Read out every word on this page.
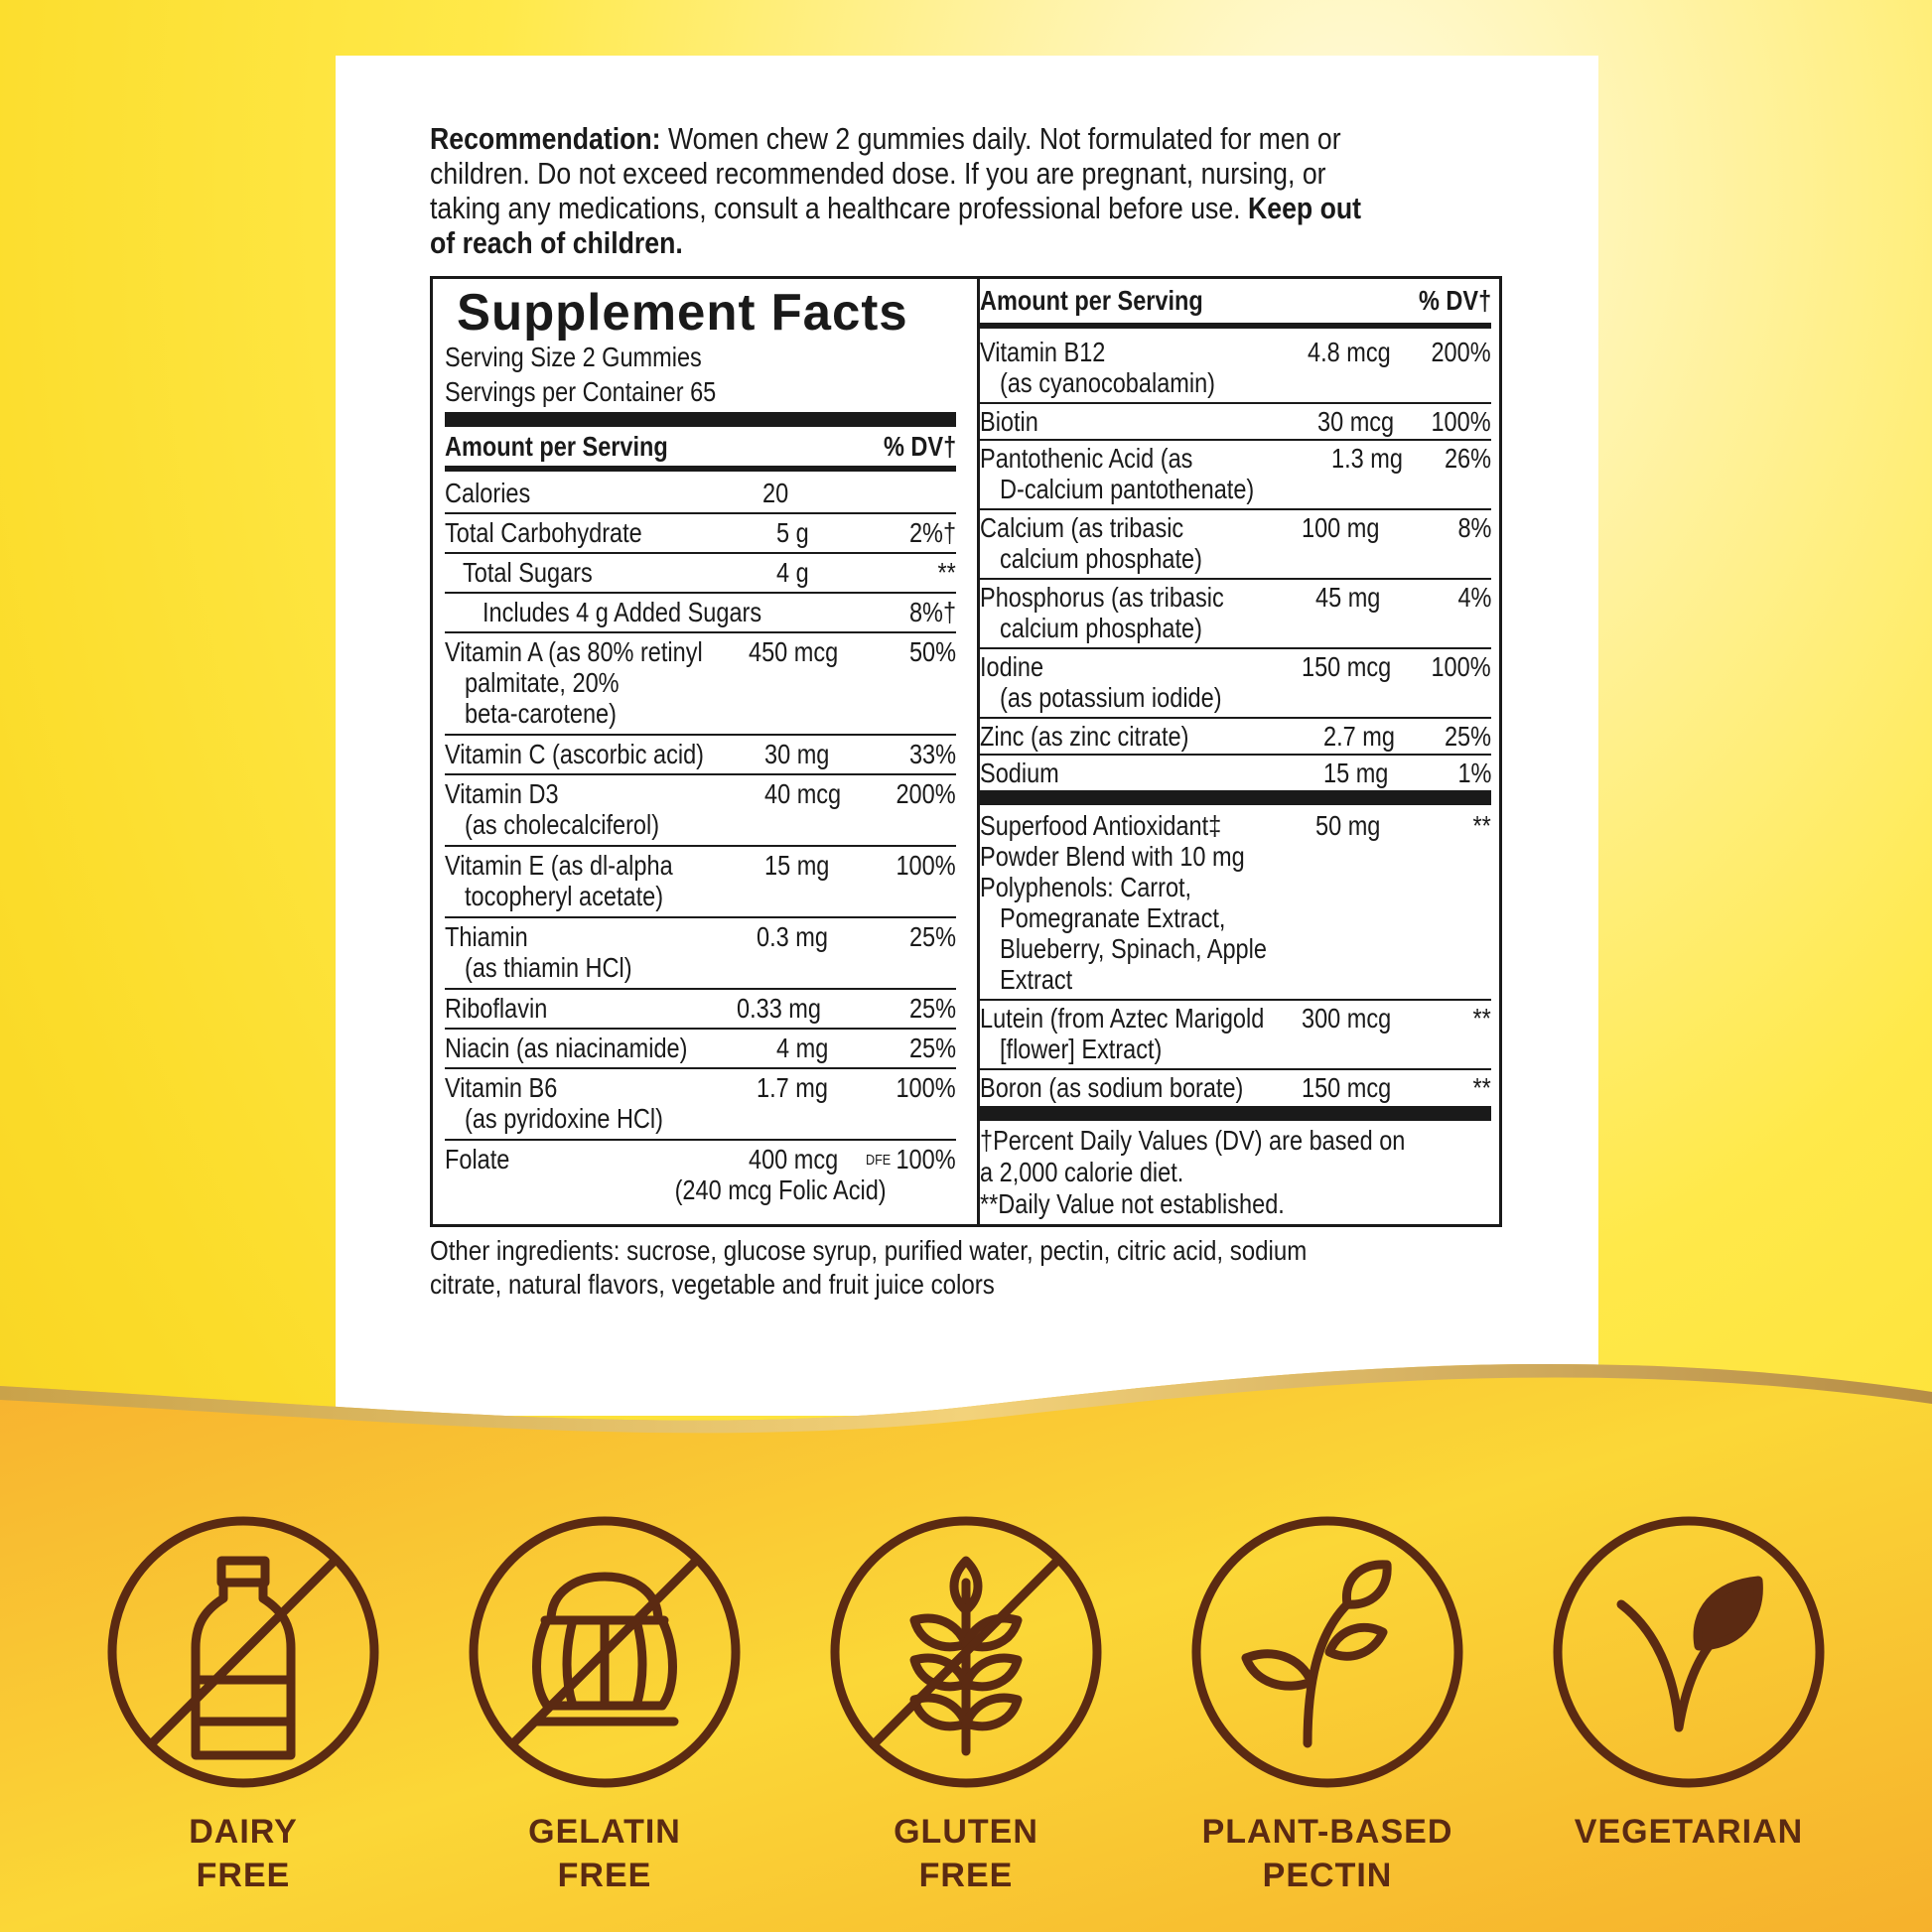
Recommendation: Women chew 2 gummies daily. Not formulated for men or
children. Do not exceed recommended dose. If you are pregnant, nursing, or
taking any medications, consult a healthcare professional before use. Keep out
of reach of children.
Supplement Facts
Serving Size 2 Gummies
Servings per Container 65
Amount per Serving	% DV†
Calories	20
Total Carbohydrate	5 g	2%†
Total Sugars	4 g	**
Includes 4 g Added Sugars	8%†
Vitamin A (as 80% retinyl
palmitate, 20%
beta-carotene)
450 mcg	50%
Vitamin C (ascorbic acid) 30 mg	33%
Vitamin D3
(as cholecalciferol)
40 mcg 200%
Vitamin E (as dl-alpha
tocopheryl acetate)
15 mg 100%
Thiamin
(as thiamin HCl)
0.3 mg	25%
Riboflavin	0.33 mg	25%
Niacin (as niacinamide)	4 mg	25%
Vitamin B6
(as pyridoxine HCl)
1.7 mg 100%
Folate	400 mcg DFE 100%
(240 mcg Folic Acid)
Amount per Serving	% DV†
†Percent Daily Values (DV) are based on
a 2,000 calorie diet.
**Daily Value not established.
Vitamin B12
(as cyanocobalamin)
4.8 mcg 200%
Biotin	30 mcg 100%
Pantothenic Acid (as
D-calcium pantothenate)
1.3 mg 26%
Calcium (as tribasic
calcium phosphate)
100 mg	8%
Phosphorus (as tribasic
calcium phosphate)
45 mg	4%
Iodine
(as potassium iodide)
150 mcg 100%
Zinc (as zinc citrate)	2.7 mg 25%
Sodium	15 mg 1%
Superfood Antioxidant‡
Powder Blend with 10 mg
Polyphenols: Carrot,
Pomegranate Extract,
Blueberry, Spinach, Apple
Extract
50 mg	**
Lutein (from Aztec Marigold
[flower] Extract)
300 mcg	**
Boron (as sodium borate) 150 mcg	**
Other ingredients: sucrose, glucose syrup, purified water, pectin, citric acid, sodium
citrate, natural flavors, vegetable and fruit juice colors
DAIRY
FREE
GELATIN
FREE
GLUTEN
FREE
PLANT-BASED
PECTIN
VEGETARIAN
